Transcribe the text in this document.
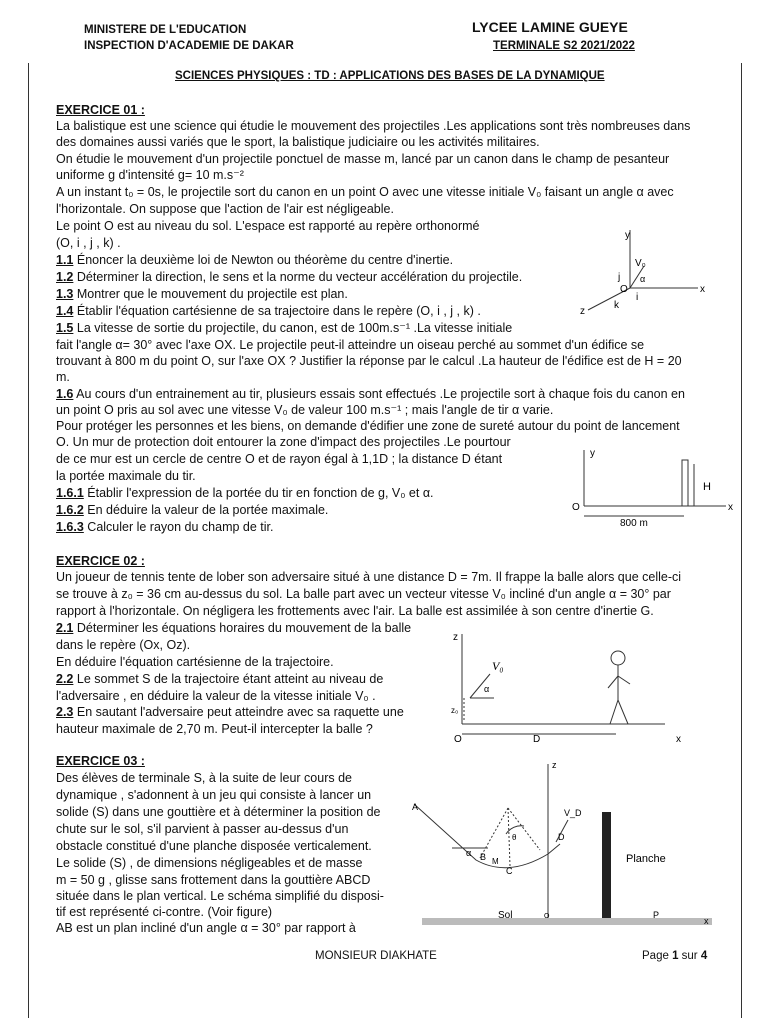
MINISTERE DE L'EDUCATION
INSPECTION D'ACADEMIE DE DAKAR
LYCEE LAMINE GUEYE
TERMINALE S2 2021/2022
SCIENCES PHYSIQUES : TD : APPLICATIONS DES BASES DE LA DYNAMIQUE
EXERCICE 01 :
La balistique est une science qui étudie le mouvement des projectiles .Les applications sont très nombreuses dans
des domaines aussi variés que le sport, la balistique judiciaire ou les activités militaires.
On étudie le mouvement d'un projectile ponctuel de masse m, lancé par un canon dans le champ de pesanteur
uniforme g d'intensité g= 10 m.s⁻²
A un instant t₀ = 0s, le projectile sort du canon en un point O avec une vitesse initiale V₀ faisant un angle α avec
l'horizontale. On suppose que l'action de l'air est négligeable.
Le point O est au niveau du sol. L'espace est rapporté au repère orthonormé
(O, i , j , k) .
1.1 Énoncer la deuxième loi de Newton ou théorème du centre d'inertie.
1.2 Déterminer la direction, le sens et la norme du vecteur accélération du projectile.
1.3 Montrer que le mouvement du projectile est plan.
1.4 Établir l'équation cartésienne de sa trajectoire dans le repère (O, i , j , k) .
1.5 La vitesse de sortie du projectile, du canon, est de 100m.s⁻¹ .La vitesse initiale
fait l'angle α= 30° avec l'axe OX. Le projectile peut-il atteindre un oiseau perché au sommet d'un édifice se
trouvant à 800 m du point O, sur l'axe OX ? Justifier la réponse par le calcul .La hauteur de l'édifice est de H = 20
m.
1.6 Au cours d'un entrainement au tir, plusieurs essais sont effectués .Le projectile sort à chaque fois du canon en
un point O pris au sol avec une vitesse V₀ de valeur 100 m.s⁻¹ ; mais l'angle de tir α varie.
Pour protéger les personnes et les biens, on demande d'édifier une zone de sureté autour du point de lancement
O. Un mur de protection doit entourer la zone d'impact des projectiles .Le pourtour
de ce mur est un cercle de centre O et de rayon égal à 1,1D ; la distance D étant
la portée maximale du tir.
1.6.1 Établir l'expression de la portée du tir en fonction de g, V₀ et α.
1.6.2 En déduire la valeur de la portée maximale.
1.6.3 Calculer le rayon du champ de tir.
y
x
z
O
V₀
j
i
k
α
y
x
O
H
800 m
EXERCICE 02 :
Un joueur de tennis tente de lober son adversaire situé à une distance D = 7m. Il frappe la balle alors que celle-ci
se trouve à z₀ = 36 cm au-dessus du sol. La balle part avec un vecteur vitesse V₀ incliné d'un angle α = 30° par
rapport à l'horizontale. On négligera les frottements avec l'air. La balle est assimilée à son centre d'inertie G.
2.1 Déterminer les équations horaires du mouvement de la balle
dans le repère (Ox, Oz).
En déduire l'équation cartésienne de la trajectoire.
2.2 Le sommet S de la trajectoire étant atteint au niveau de
l'adversaire , en déduire la valeur de la vitesse initiale V₀ .
2.3 En sautant l'adversaire peut atteindre avec sa raquette une
hauteur maximale de 2,70 m. Peut-il intercepter la balle ?
z
x
O
V₀
α
z₀
D
EXERCICE 03 :
Des élèves de terminale S, à la suite de leur cours de
dynamique , s'adonnent à un jeu qui consiste à lancer un
solide (S) dans une gouttière et à déterminer la position de
chute sur le sol, s'il parvient à passer au-dessus d'un
obstacle constitué d'une planche disposée verticalement.
Le solide (S) , de dimensions négligeables et de masse
m = 50 g , glisse sans frottement dans la gouttière ABCD
située dans le plan vertical. Le schéma simplifié du disposi-
tif est représenté ci-contre. (Voir figure)
AB est un plan incliné d'un angle α = 30° par rapport à
z
A
B
C
D
M
α
θ
V_D
Planche
Sol	O	P
x
MONSIEUR DIAKHATE	Page 1 sur 4
